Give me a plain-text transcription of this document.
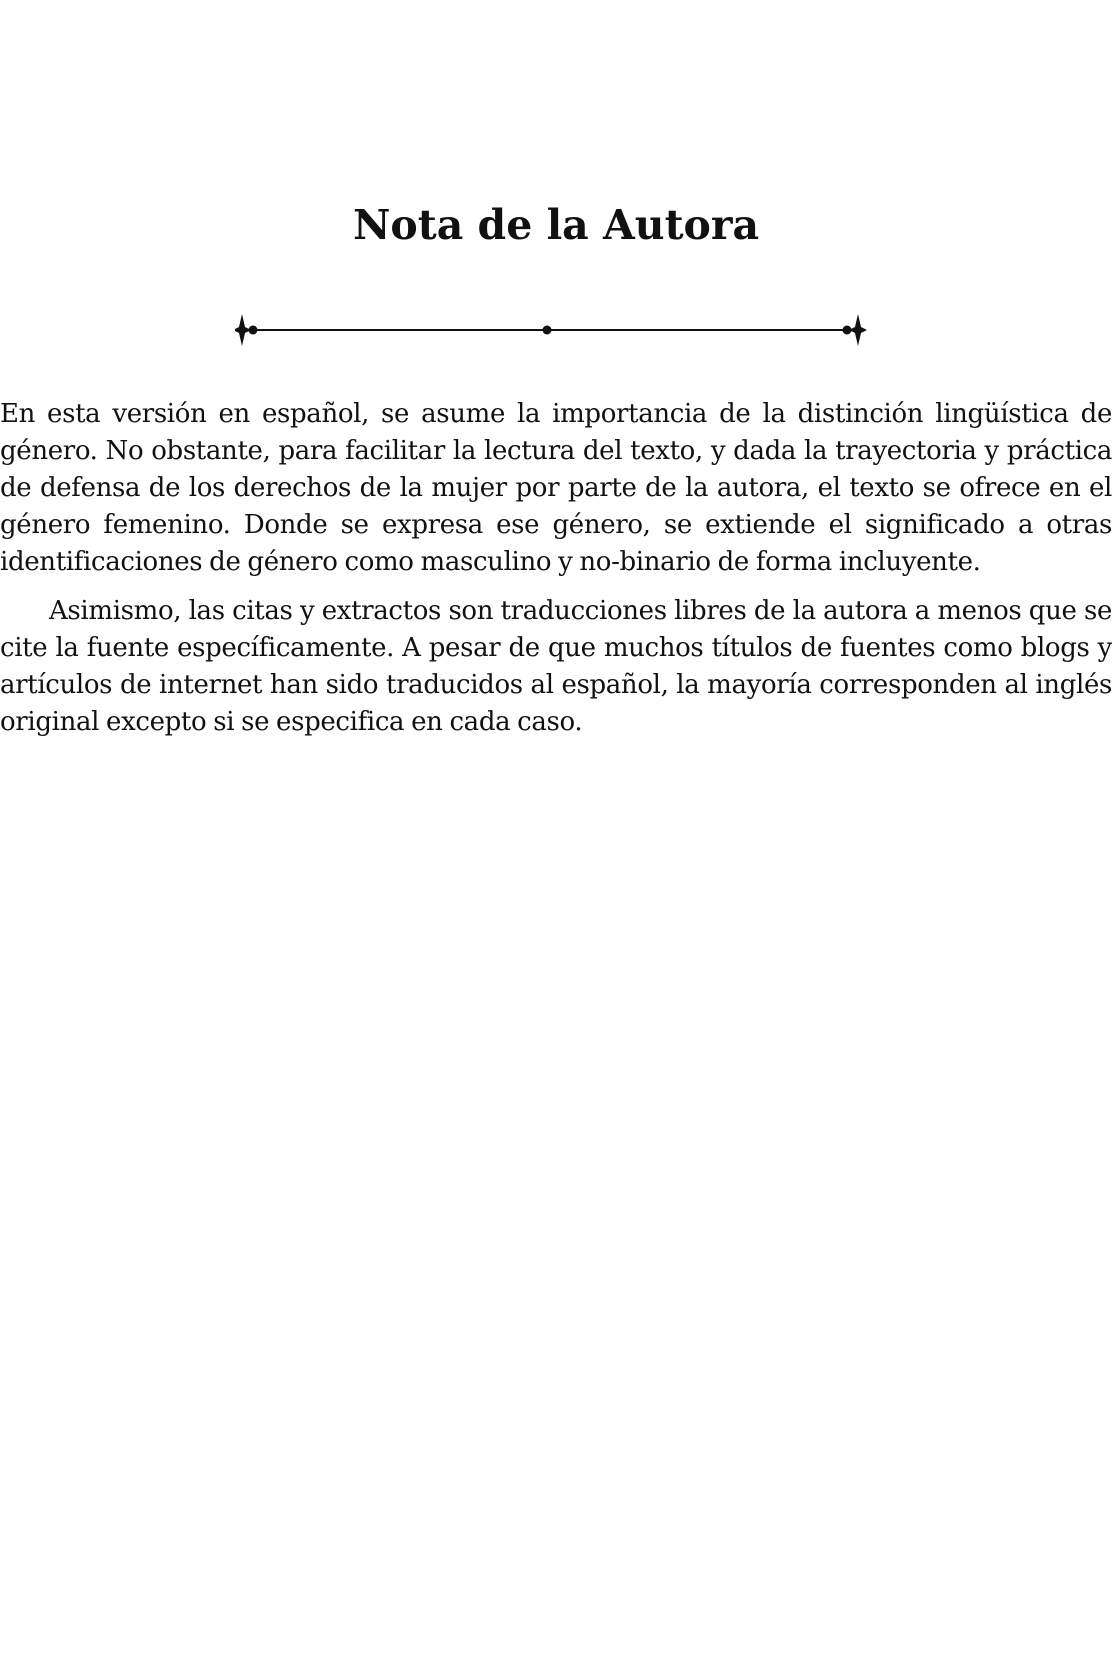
Nota de la Autora

En esta versión en español, se asume la importancia de la distinción lingüística de género. No obstante, para facilitar la lectura del texto, y dada la trayectoria y práctica de defensa de los derechos de la mujer por parte de la autora, el texto se ofrece en el género femenino. Donde se expresa ese género, se extiende el significado a otras identificaciones de género como masculino y no-binario de forma incluyente.

Asimismo, las citas y extractos son traducciones libres de la autora a menos que se cite la fuente específicamente. A pesar de que muchos títulos de fuentes como blogs y artículos de internet han sido traducidos al español, la mayoría corresponden al inglés original excepto si se especifica en cada caso.
